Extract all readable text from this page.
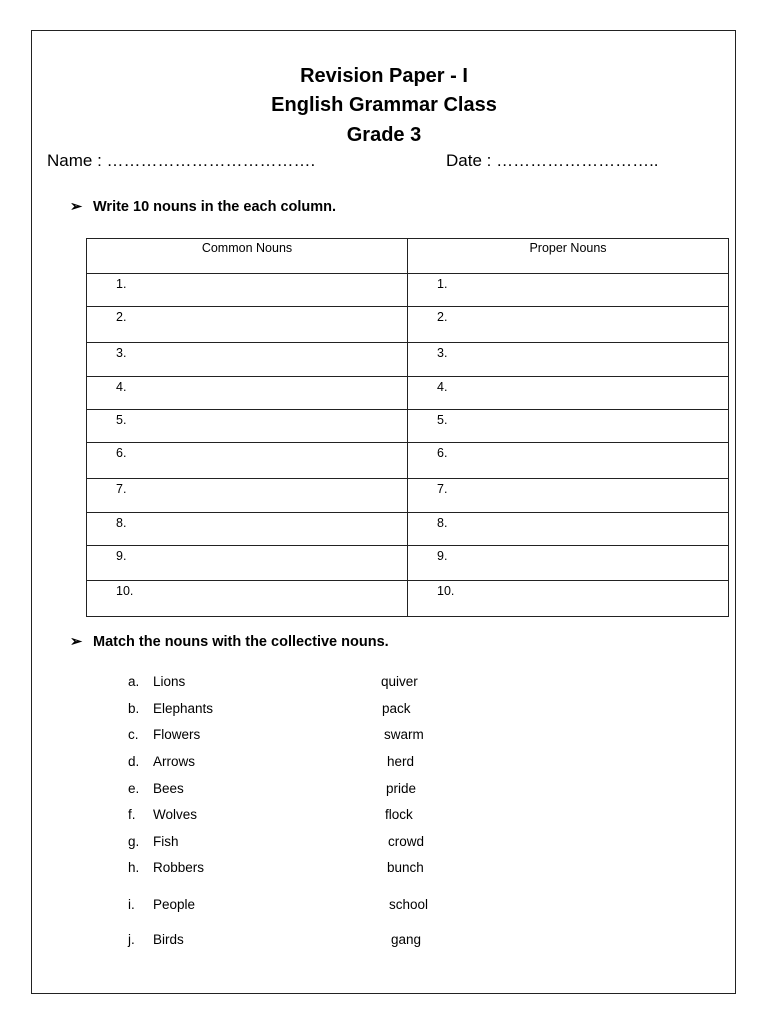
Revision Paper - I
English Grammar Class
Grade 3
Name : ……………………………….	Date : ………………………..
➢ Write 10 nouns in the each column.
Common Nouns	Proper Nouns
1.	1.
2.	2.
3.	3.
4.	4.
5.	5.
6.	6.
7.	7.
8.	8.
9.	9.
10.	10.
➢ Match the nouns with the collective nouns.
a. Lions	quiver
b. Elephants	pack
c. Flowers	swarm
d. Arrows	herd
e. Bees	pride
f. Wolves	flock
g. Fish	crowd
h. Robbers	bunch
i. People	school
j. Birds	gang
